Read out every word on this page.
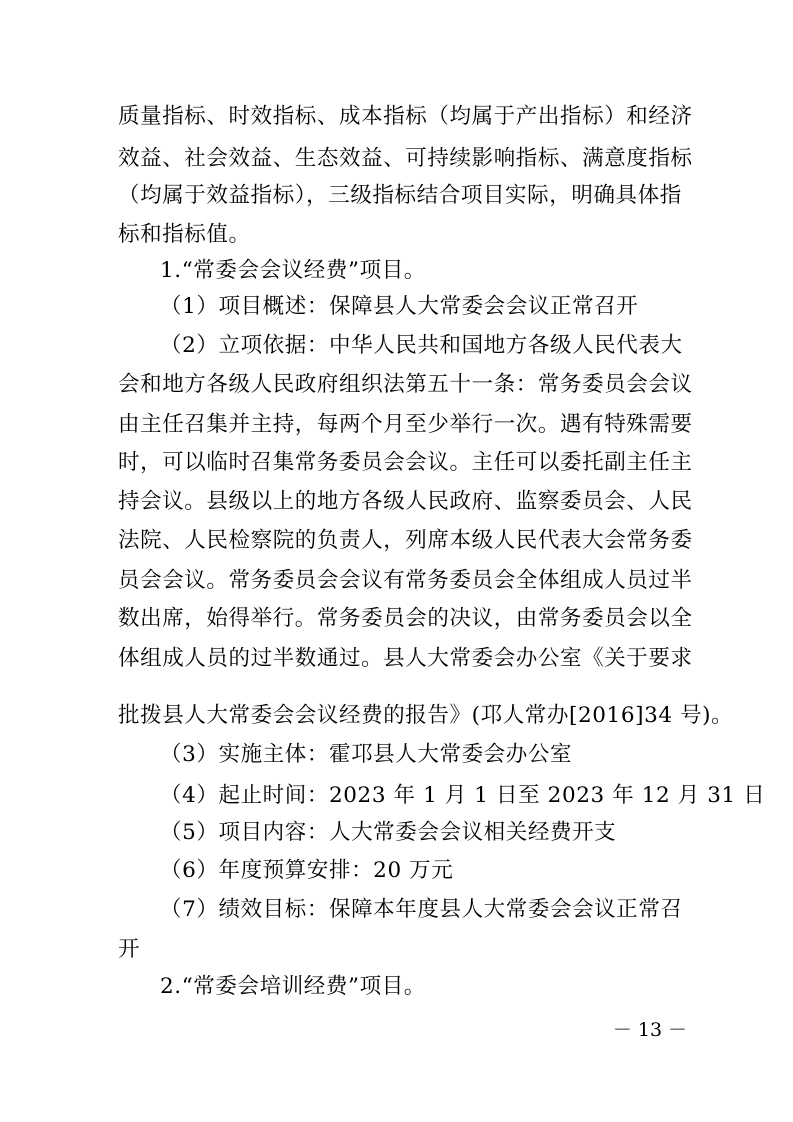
质量指标、时效指标、成本指标（均属于产出指标）和经济
效益、社会效益、生态效益、可持续影响指标、满意度指标
（均属于效益指标），三级指标结合项目实际，明确具体指
标和指标值。
1.“常委会会议经费”项目。
（1）项目概述：保障县人大常委会会议正常召开
（2）立项依据：中华人民共和国地方各级人民代表大
会和地方各级人民政府组织法第五十一条：常务委员会会议
由主任召集并主持，每两个月至少举行一次。遇有特殊需要
时，可以临时召集常务委员会会议。主任可以委托副主任主
持会议。县级以上的地方各级人民政府、监察委员会、人民
法院、人民检察院的负责人，列席本级人民代表大会常务委
员会会议。常务委员会会议有常务委员会全体组成人员过半
数出席，始得举行。常务委员会的决议，由常务委员会以全
体组成人员的过半数通过。县人大常委会办公室《关于要求
批拨县人大常委会会议经费的报告》(邛人常办[2016]34 号)。
（3）实施主体：霍邛县人大常委会办公室
（4）起止时间：2023 年 1 月 1 日至 2023 年 12 月 31 日
（5）项目内容：人大常委会会议相关经费开支
（6）年度预算安排：20 万元
（7）绩效目标：保障本年度县人大常委会会议正常召
开
2.“常委会培训经费”项目。
－ 13 －
